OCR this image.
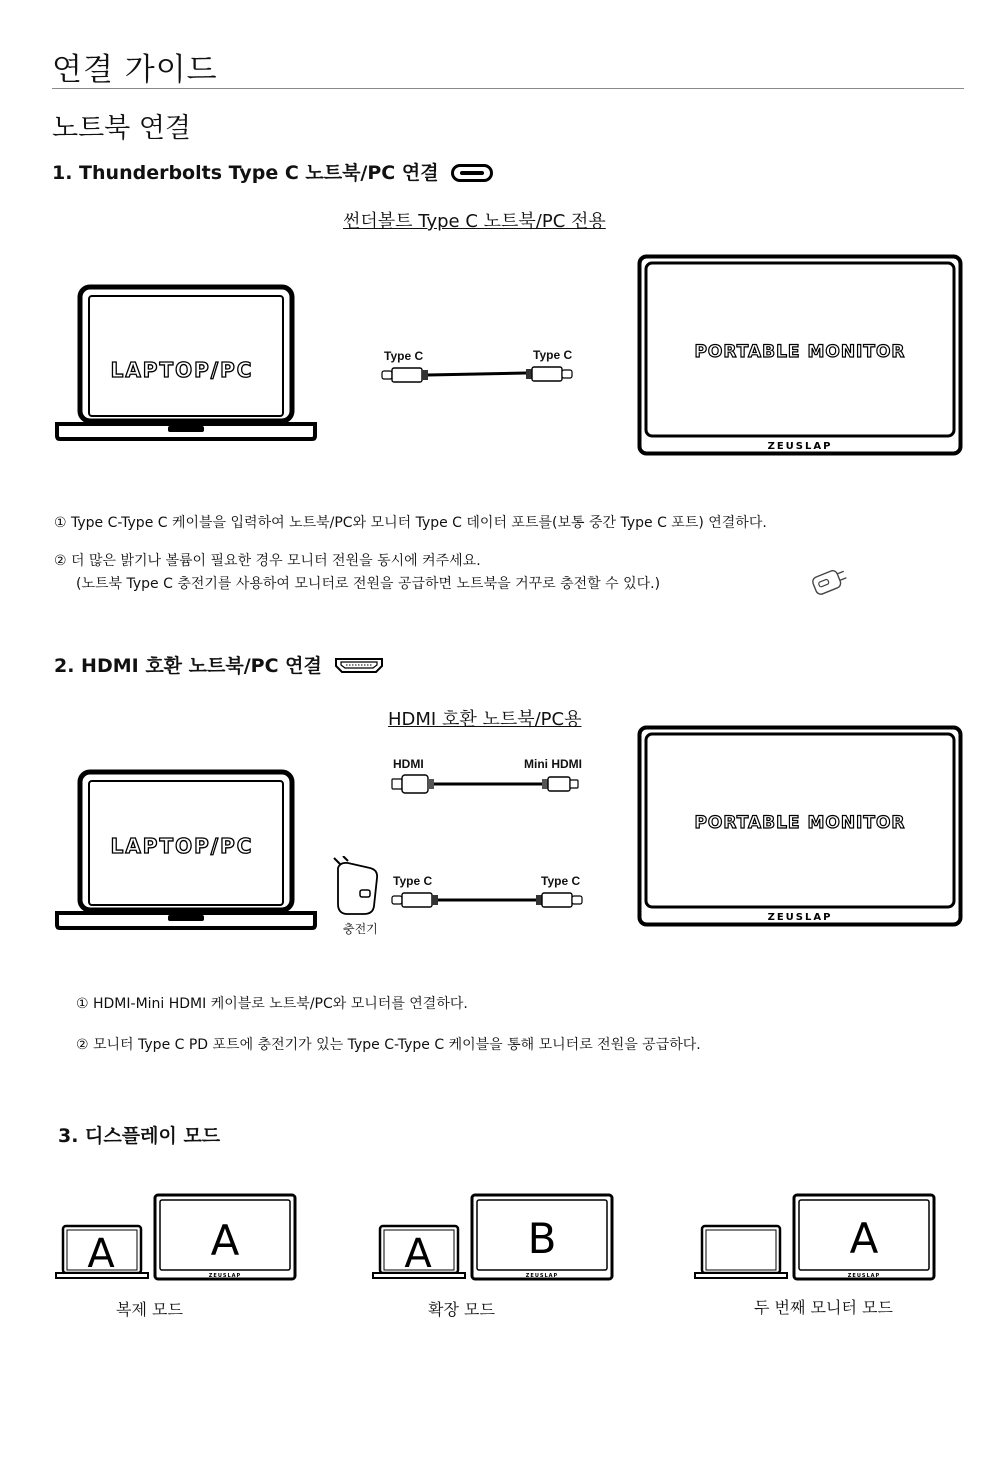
연결 가이드
노트북 연결
1. Thunderbolts Type C 노트북/PC 연결
썬더볼트 Type C 노트북/PC 전용
LAPTOP/PC
Type C	Type C	PORTABLE MONITOR
ZEUSLAP
① Type C-Type C 케이블을 입력하여 노트북/PC와 모니터 Type C 데이터 포트를(보통 중간 Type C 포트) 연결하다.
② 더 많은 밝기나 볼륨이 필요한 경우 모니터 전원을 동시에 켜주세요.
(노트북 Type C 충전기를 사용하여 모니터로 전원을 공급하면 노트북을 거꾸로 충전할 수 있다.)
2. HDMI 호환 노트북/PC 연결
HDMI 호환 노트북/PC용
LAPTOP/PC
HDMI	Mini HDMI
Type C	Type C
충전기
PORTABLE MONITOR
ZEUSLAP
① HDMI-Mini HDMI 케이블로 노트북/PC와 모니터를 연결하다.
② 모니터 Type C PD 포트에 충전기가 있는 Type C-Type C 케이블을 통해 모니터로 전원을 공급하다.
3. 디스플레이 모드
A
ZEUSLAP
A
복제 모드
B
ZEUSLAP
A
확장 모드
A
ZEUSLAP
두 번째 모니터 모드
